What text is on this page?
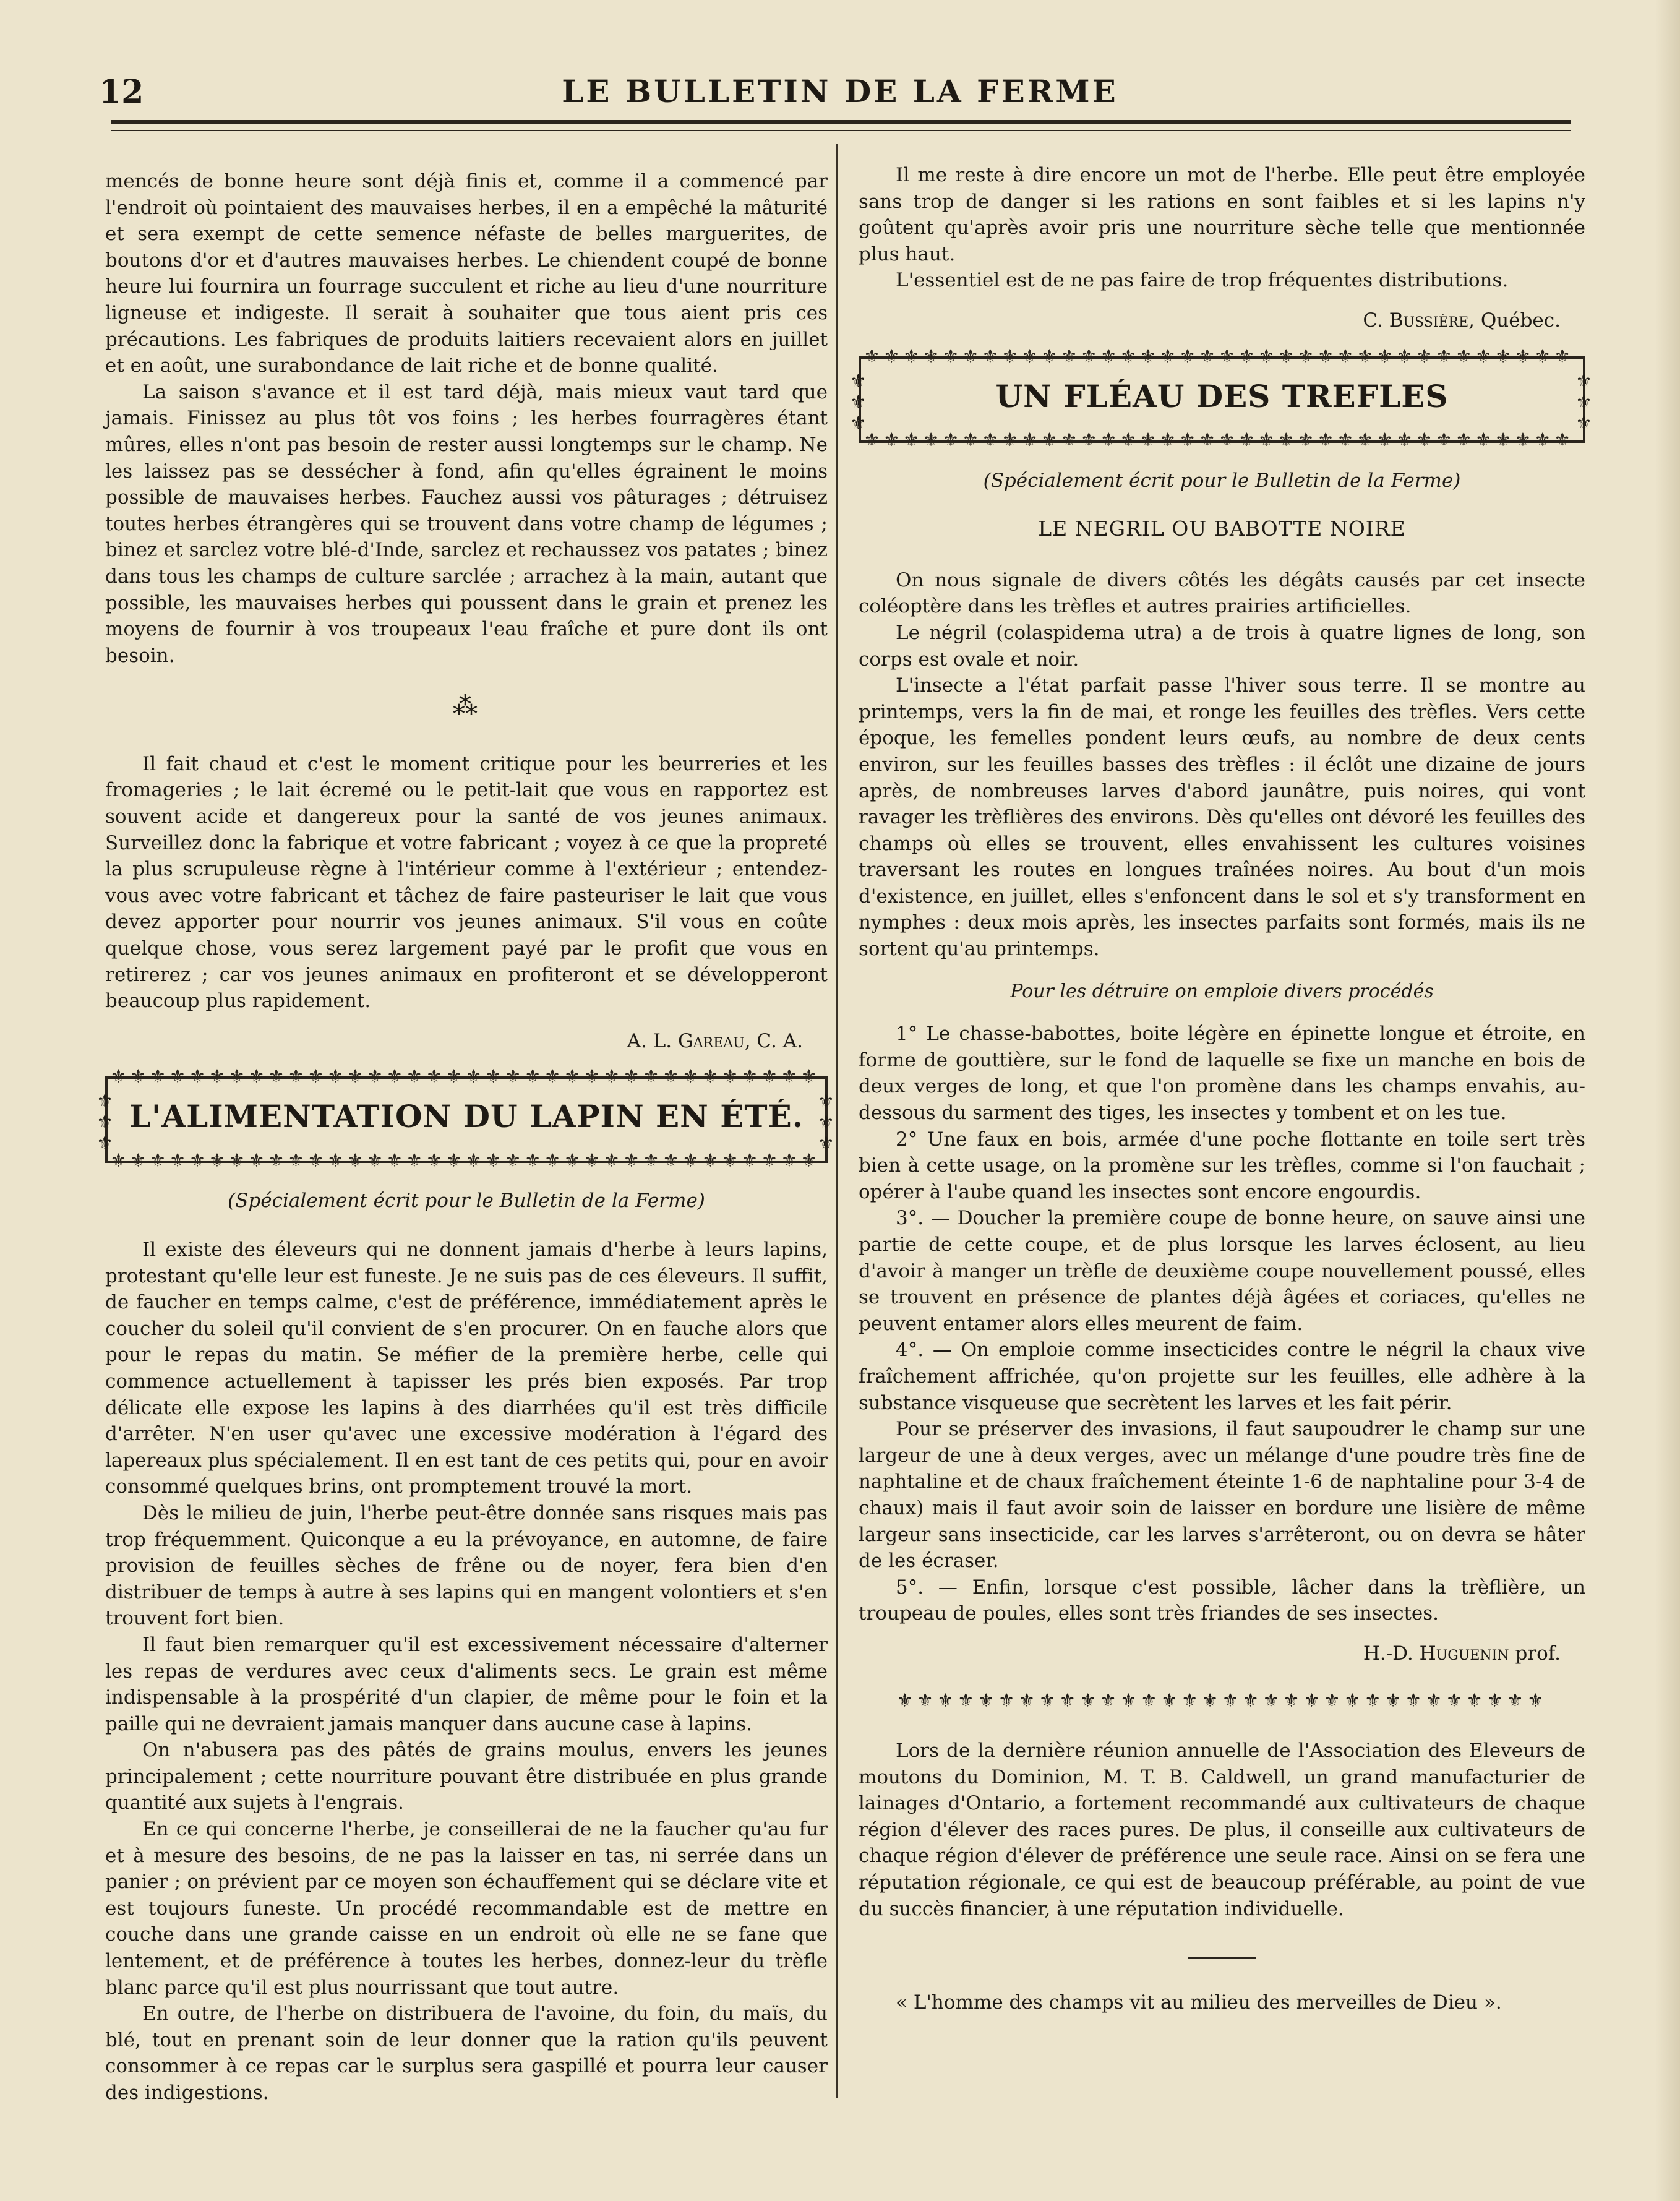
12	LE BULLETIN DE LA FERME

mencés de bonne heure sont déjà finis et, comme il a commencé par l'endroit où pointaient des mauvaises herbes, il en a empêché la mâturité et sera exempt de cette semence néfaste de belles marguerites, de boutons d'or et d'autres mauvaises herbes. Le chiendent coupé de bonne heure lui fournira un fourrage succulent et riche au lieu d'une nourriture ligneuse et indigeste. Il serait à souhaiter que tous aient pris ces précautions. Les fabriques de produits laitiers recevaient alors en juillet et en août, une surabondance de lait riche et de bonne qualité.

La saison s'avance et il est tard déjà, mais mieux vaut tard que jamais. Finissez au plus tôt vos foins ; les herbes fourragères étant mûres, elles n'ont pas besoin de rester aussi longtemps sur le champ. Ne les laissez pas se dessécher à fond, afin qu'elles égrainent le moins possible de mauvaises herbes. Fauchez aussi vos pâturages ; détruisez toutes herbes étrangères qui se trouvent dans votre champ de légumes ; binez et sarclez votre blé-d'Inde, sarclez et rechaussez vos patates ; binez dans tous les champs de culture sarclée ; arrachez à la main, autant que possible, les mauvaises herbes qui poussent dans le grain et prenez les moyens de fournir à vos troupeaux l'eau fraîche et pure dont ils ont besoin.

⁂

Il fait chaud et c'est le moment critique pour les beurreries et les fromageries ; le lait écremé ou le petit-lait que vous en rapportez est souvent acide et dangereux pour la santé de vos jeunes animaux. Surveillez donc la fabrique et votre fabricant ; voyez à ce que la propreté la plus scrupuleuse règne à l'intérieur comme à l'extérieur ; entendez-vous avec votre fabricant et tâchez de faire pasteuriser le lait que vous devez apporter pour nourrir vos jeunes animaux. S'il vous en coûte quelque chose, vous serez largement payé par le profit que vous en retirerez ; car vos jeunes animaux en profiteront et se développeront beaucoup plus rapidement.

A. L. Gareau, C. A.
⚜⚜⚜⚜⚜⚜⚜⚜⚜⚜⚜⚜⚜⚜⚜⚜⚜⚜⚜⚜⚜⚜⚜⚜⚜⚜⚜⚜⚜⚜⚜⚜⚜⚜⚜⚜
⚜
⚜
⚜
L'ALIMENTATION DU LAPIN EN ÉTÉ. ⚜
⚜
⚜
⚜⚜⚜⚜⚜⚜⚜⚜⚜⚜⚜⚜⚜⚜⚜⚜⚜⚜⚜⚜⚜⚜⚜⚜⚜⚜⚜⚜⚜⚜⚜⚜⚜⚜⚜⚜
(Spécialement écrit pour le Bulletin de la Ferme)

Il existe des éleveurs qui ne donnent jamais d'herbe à leurs lapins, protestant qu'elle leur est funeste. Je ne suis pas de ces éleveurs. Il suffit, de faucher en temps calme, c'est de préférence, immédiatement après le coucher du soleil qu'il convient de s'en procurer. On en fauche alors que pour le repas du matin. Se méfier de la première herbe, celle qui commence actuellement à tapisser les prés bien exposés. Par trop délicate elle expose les lapins à des diarrhées qu'il est très difficile d'arrêter. N'en user qu'avec une excessive modération à l'égard des lapereaux plus spécialement. Il en est tant de ces petits qui, pour en avoir consommé quelques brins, ont promptement trouvé la mort.

Dès le milieu de juin, l'herbe peut-être donnée sans risques mais pas trop fréquemment. Quiconque a eu la prévoyance, en automne, de faire provision de feuilles sèches de frêne ou de noyer, fera bien d'en distribuer de temps à autre à ses lapins qui en mangent volontiers et s'en trouvent fort bien.

Il faut bien remarquer qu'il est excessivement nécessaire d'alterner les repas de verdures avec ceux d'aliments secs. Le grain est même indispensable à la prospérité d'un clapier, de même pour le foin et la paille qui ne devraient jamais manquer dans aucune case à lapins.

On n'abusera pas des pâtés de grains moulus, envers les jeunes principalement ; cette nourriture pouvant être distribuée en plus grande quantité aux sujets à l'engrais.

En ce qui concerne l'herbe, je conseillerai de ne la faucher qu'au fur et à mesure des besoins, de ne pas la laisser en tas, ni serrée dans un panier ; on prévient par ce moyen son échauffement qui se déclare vite et est toujours funeste. Un procédé recommandable est de mettre en couche dans une grande caisse en un endroit où elle ne se fane que lentement, et de préférence à toutes les herbes, donnez-leur du trèfle blanc parce qu'il est plus nourrissant que tout autre.

En outre, de l'herbe on distribuera de l'avoine, du foin, du maïs, du blé, tout en prenant soin de leur donner que la ration qu'ils peuvent consommer à ce repas car le surplus sera gaspillé et pourra leur causer des indigestions.

Il me reste à dire encore un mot de l'herbe. Elle peut être employée sans trop de danger si les rations en sont faibles et si les lapins n'y goûtent qu'après avoir pris une nourriture sèche telle que mentionnée plus haut.

L'essentiel est de ne pas faire de trop fréquentes distributions.

C. Bussière, Québec.
⚜⚜⚜⚜⚜⚜⚜⚜⚜⚜⚜⚜⚜⚜⚜⚜⚜⚜⚜⚜⚜⚜⚜⚜⚜⚜⚜⚜⚜⚜⚜⚜⚜⚜⚜⚜
⚜
⚜
⚜
UN FLÉAU DES TREFLES	⚜
⚜
⚜
⚜⚜⚜⚜⚜⚜⚜⚜⚜⚜⚜⚜⚜⚜⚜⚜⚜⚜⚜⚜⚜⚜⚜⚜⚜⚜⚜⚜⚜⚜⚜⚜⚜⚜⚜⚜
(Spécialement écrit pour le Bulletin de la Ferme)
LE NEGRIL OU BABOTTE NOIRE

On nous signale de divers côtés les dégâts causés par cet insecte coléoptère dans les trèfles et autres prairies artificielles.

Le négril (colaspidema utra) a de trois à quatre lignes de long, son corps est ovale et noir.

L'insecte a l'état parfait passe l'hiver sous terre. Il se montre au printemps, vers la fin de mai, et ronge les feuilles des trèfles. Vers cette époque, les femelles pondent leurs œufs, au nombre de deux cents environ, sur les feuilles basses des trèfles : il éclôt une dizaine de jours après, de nombreuses larves d'abord jaunâtre, puis noires, qui vont ravager les trèflières des environs. Dès qu'elles ont dévoré les feuilles des champs où elles se trouvent, elles envahissent les cultures voisines traversant les routes en longues traînées noires. Au bout d'un mois d'existence, en juillet, elles s'enfoncent dans le sol et s'y transforment en nymphes : deux mois après, les insectes parfaits sont formés, mais ils ne sortent qu'au printemps.

Pour les détruire on emploie divers procédés

1° Le chasse-babottes, boite légère en épinette longue et étroite, en forme de gouttière, sur le fond de laquelle se fixe un manche en bois de deux verges de long, et que l'on promène dans les champs envahis, au-dessous du sarment des tiges, les insectes y tombent et on les tue.

2° Une faux en bois, armée d'une poche flottante en toile sert très bien à cette usage, on la promène sur les trèfles, comme si l'on fauchait ; opérer à l'aube quand les insectes sont encore engourdis.

3°. — Doucher la première coupe de bonne heure, on sauve ainsi une partie de cette coupe, et de plus lorsque les larves éclosent, au lieu d'avoir à manger un trèfle de deuxième coupe nouvellement poussé, elles se trouvent en présence de plantes déjà âgées et coriaces, qu'elles ne peuvent entamer alors elles meurent de faim.

4°. — On emploie comme insecticides contre le négril la chaux vive fraîchement affrichée, qu'on projette sur les feuilles, elle adhère à la substance visqueuse que secrètent les larves et les fait périr.

Pour se préserver des invasions, il faut saupoudrer le champ sur une largeur de une à deux verges, avec un mélange d'une poudre très fine de naphtaline et de chaux fraîchement éteinte 1-6 de naphtaline pour 3-4 de chaux) mais il faut avoir soin de laisser en bordure une lisière de même largeur sans insecticide, car les larves s'arrêteront, ou on devra se hâter de les écraser.

5°. — Enfin, lorsque c'est possible, lâcher dans la trèflière, un troupeau de poules, elles sont très friandes de ses insectes.

H.-D. Huguenin prof.
⚜⚜⚜⚜⚜⚜⚜⚜⚜⚜⚜⚜⚜⚜⚜⚜⚜⚜⚜⚜⚜⚜⚜⚜⚜⚜⚜⚜⚜⚜⚜⚜

Lors de la dernière réunion annuelle de l'Association des Eleveurs de moutons du Dominion, M. T. B. Caldwell, un grand manufacturier de lainages d'Ontario, a fortement recommandé aux cultivateurs de chaque région d'élever des races pures. De plus, il conseille aux cultivateurs de chaque région d'élever de préférence une seule race. Ainsi on se fera une réputation régionale, ce qui est de beaucoup préférable, au point de vue du succès financier, à une réputation individuelle.

« L'homme des champs vit au milieu des merveilles de Dieu ».
